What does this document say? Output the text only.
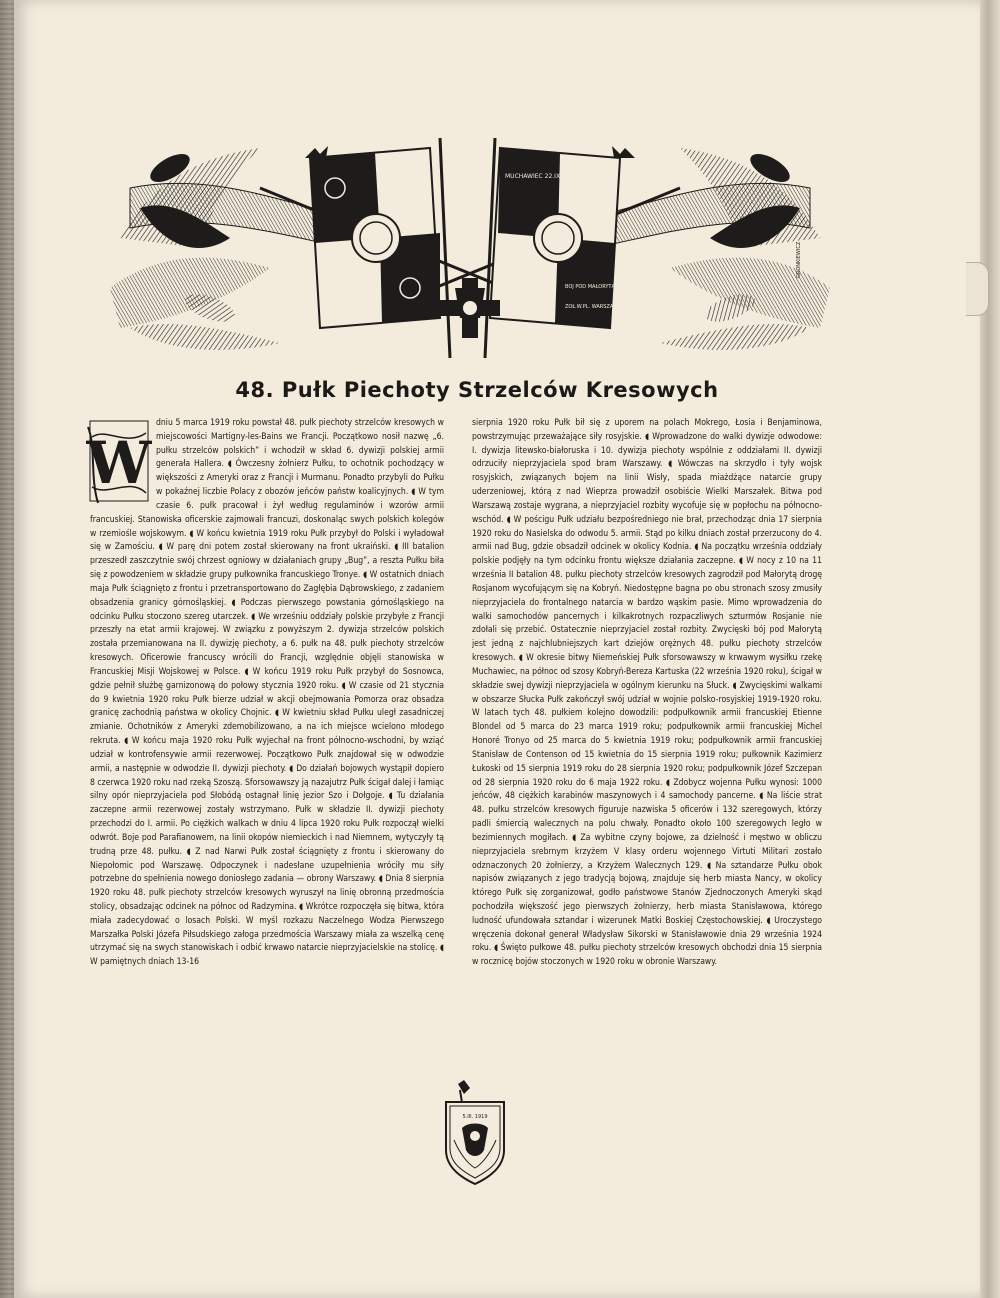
MUCHAWIEC 22.IX.1920
BOJ POD MAŁORYTĄ
ZOŁ.W.PL. WARSZAWA
GRONKIEWICZ
48. Pułk Piechoty Strzelców Kresowych
W
dniu 5 marca 1919 roku powstał 48. pułk piechoty strzelców kresowych w miejscowości Martigny-les-Bains we Francji. Początkowo nosił nazwę „6. pułku strzelców polskich” i wchodził w skład 6. dywizji polskiej armii generała Hallera. ◖ Ówczesny żołnierz Pułku, to ochotnik pochodzący w większości z Ameryki oraz z Francji i Murmanu. Ponadto przybyli do Pułku w pokaźnej liczbie Polacy z obozów jeńców państw koalicyjnych. ◖ W tym czasie 6. pułk pracował i żył według regulaminów i wzorów armii francuskiej. Stanowiska oficerskie zajmowali francuzi, doskonaląc swych polskich kolegów w rzemiośle wojskowym. ◖ W końcu kwietnia 1919 roku Pułk przybył do Polski i wyładował się w Zamościu. ◖ W parę dni potem został skierowany na front ukraiński. ◖ III batalion przeszedł zaszczytnie swój chrzest ogniowy w działaniach grupy „Bug”, a reszta Pułku biła się z powodzeniem w składzie grupy pułkownika francuskiego Tronye. ◖ W ostatnich dniach maja Pułk ściągnięto z frontu i przetransportowano do Zagłębia Dąbrowskiego, z zadaniem obsadzenia granicy górnośląskiej. ◖ Podczas pierwszego powstania górnośląskiego na odcinku Pułku stoczono szereg utarczek. ◖ We wrześniu oddziały polskie przybyłe z Francji przeszły na etat armii krajowej. W związku z powyższym 2. dywizja strzelców polskich została przemianowana na II. dywizję piechoty, a 6. pułk na 48. pułk piechoty strzelców kresowych. Oficerowie francuscy wrócili do Francji, względnie objęli stanowiska w Francuskiej Misji Wojskowej w Polsce. ◖ W końcu 1919 roku Pułk przybył do Sosnowca, gdzie pełnił służbę garnizonową do połowy stycznia 1920 roku. ◖ W czasie od 21 stycznia do 9 kwietnia 1920 roku Pułk bierze udział w akcji obejmowania Pomorza oraz obsadza granicę zachodnią państwa w okolicy Chojnic. ◖ W kwietniu skład Pułku uległ zasadniczej zmianie. Ochotników z Ameryki zdemobilizowano, a na ich miejsce wcielono młodego rekruta. ◖ W końcu maja 1920 roku Pułk wyjechał na front północno-wschodni, by wziąć udział w kontrofensywie armii rezerwowej. Początkowo Pułk znajdował się w odwodzie armii, a następnie w odwodzie II. dywizji piechoty. ◖ Do działań bojowych wystąpił dopiero 8 czerwca 1920 roku nad rzeką Szoszą. Sforsowawszy ją nazajutrz Pułk ścigał dalej i łamiąc silny opór nieprzyjaciela pod Słobódą ostagnał linię jezior Szo i Dołgoje. ◖ Tu działania zaczepne armii rezerwowej zostały wstrzymano. Pułk w składzie II. dywizji piechoty przechodzi do I. armii. Po ciężkich walkach w dniu 4 lipca 1920 roku Pułk rozpoczął wielki odwrót. Boje pod Parafianowem, na linii okopów niemieckich i nad Niemnem, wytyczyły tą trudną prze 48. pułku. ◖ Z nad Narwi Pułk został ściągnięty z frontu i skierowany do Niepołomic pod Warszawę. Odpoczynek i nadesłane uzupełnienia wróciły mu siły potrzebne do spełnienia nowego doniosłego zadania — obrony Warszawy. ◖ Dnia 8 sierpnia 1920 roku 48. pułk piechoty strzelców kresowych wyruszył na linię obronną przedmościa stolicy, obsadzając odcinek na północ od Radzymina. ◖ Wkrótce rozpoczęła się bitwa, która miała zadecydować o losach Polski. W myśl rozkazu Naczelnego Wodza Pierwszego Marszałka Polski Józefa Piłsudskiego załoga przedmościa Warszawy miała za wszelką cenę utrzymać się na swych stanowiskach i odbić krwawo natarcie nieprzyjacielskie na stolicę. ◖ W pamiętnych dniach 13-16
sierpnia 1920 roku Pułk bił się z uporem na polach Mokrego, Łosia i Benjaminowa, powstrzymując przeważające siły rosyjskie. ◖ Wprowadzone do walki dywizje odwodowe: I. dywizja litewsko-białoruska i 10. dywizja piechoty wspólnie z oddziałami II. dywizji odrzuciły nieprzyjaciela spod bram Warszawy. ◖ Wówczas na skrzydło i tyły wojsk rosyjskich, związanych bojem na linii Wisły, spada miażdżące natarcie grupy uderzeniowej, którą z nad Wieprza prowadził osobiście Wielki Marszałek. Bitwa pod Warszawą zostaje wygrana, a nieprzyjaciel rozbity wycofuje się w popłochu na północno-wschód. ◖ W pościgu Pułk udziału bezpośredniego nie brał, przechodząc dnia 17 sierpnia 1920 roku do Nasielska do odwodu 5. armii. Stąd po kilku dniach został przerzucony do 4. armii nad Bug, gdzie obsadził odcinek w okolicy Kodnia. ◖ Na początku września oddziały polskie podjęły na tym odcinku frontu większe działania zaczepne. ◖ W nocy z 10 na 11 września II batalion 48. pułku piechoty strzelców kresowych zagrodził pod Małorytą drogę Rosjanom wycofującym się na Kobryń. Niedostępne bagna po obu stronach szosy zmusiły nieprzyjaciela do frontalnego natarcia w bardzo wąskim pasie. Mimo wprowadzenia do walki samochodów pancernych i kilkakrotnych rozpaczliwych szturmów Rosjanie nie zdołali się przebić. Ostatecznie nieprzyjaciel został rozbity. Zwycięski bój pod Małorytą jest jedną z najchlubniejszych kart dziejów orężnych 48. pułku piechoty strzelców kresowych. ◖ W okresie bitwy Niemeńskiej Pułk sforsowawszy w krwawym wysiłku rzekę Muchawiec, na północ od szosy Kobryń-Bereza Kartuska (22 września 1920 roku), ścigał w składzie swej dywizji nieprzyjaciela w ogólnym kierunku na Słuck. ◖ Zwycięskimi walkami w obszarze Słucka Pułk zakończył swój udział w wojnie polsko-rosyjskiej 1919-1920 roku. W latach tych 48. pułkiem kolejno dowodzili: podpułkownik armii francuskiej Etienne Blondel od 5 marca do 23 marca 1919 roku; podpułkownik armii francuskiej Michel Honoré Tronyo od 25 marca do 5 kwietnia 1919 roku; podpułkownik armii francuskiej Stanisław de Contenson od 15 kwietnia do 15 sierpnia 1919 roku; pułkownik Kazimierz Łukoski od 15 sierpnia 1919 roku do 28 sierpnia 1920 roku; podpułkownik Józef Szczepan od 28 sierpnia 1920 roku do 6 maja 1922 roku. ◖ Zdobycz wojenna Pułku wynosi: 1000 jeńców, 48 ciężkich karabinów maszynowych i 4 samochody pancerne. ◖ Na liście strat 48. pułku strzelców kresowych figuruje nazwiska 5 oficerów i 132 szeregowych, którzy padli śmiercią walecznych na polu chwały. Ponadto około 100 szeregowych legło w bezimiennych mogiłach. ◖ Za wybitne czyny bojowe, za dzielność i męstwo w obliczu nieprzyjaciela srebrnym krzyżem V klasy orderu wojennego Virtuti Militari zostało odznaczonych 20 żołnierzy, a Krzyżem Walecznych 129. ◖ Na sztandarze Pułku obok napisów związanych z jego tradycją bojową, znajduje się herb miasta Nancy, w okolicy którego Pułk się zorganizował, godło państwowe Stanów Zjednoczonych Ameryki skąd pochodziła większość jego pierwszych żołnierzy, herb miasta Stanisławowa, którego ludność ufundowała sztandar i wizerunek Matki Boskiej Częstochowskiej. ◖ Uroczystego wręczenia dokonał generał Władysław Sikorski w Stanisławowie dnia 29 września 1924 roku. ◖ Święto pułkowe 48. pułku piechoty strzelców kresowych obchodzi dnia 15 sierpnia w rocznicę bojów stoczonych w 1920 roku w obronie Warszawy.
5.III. 1919
